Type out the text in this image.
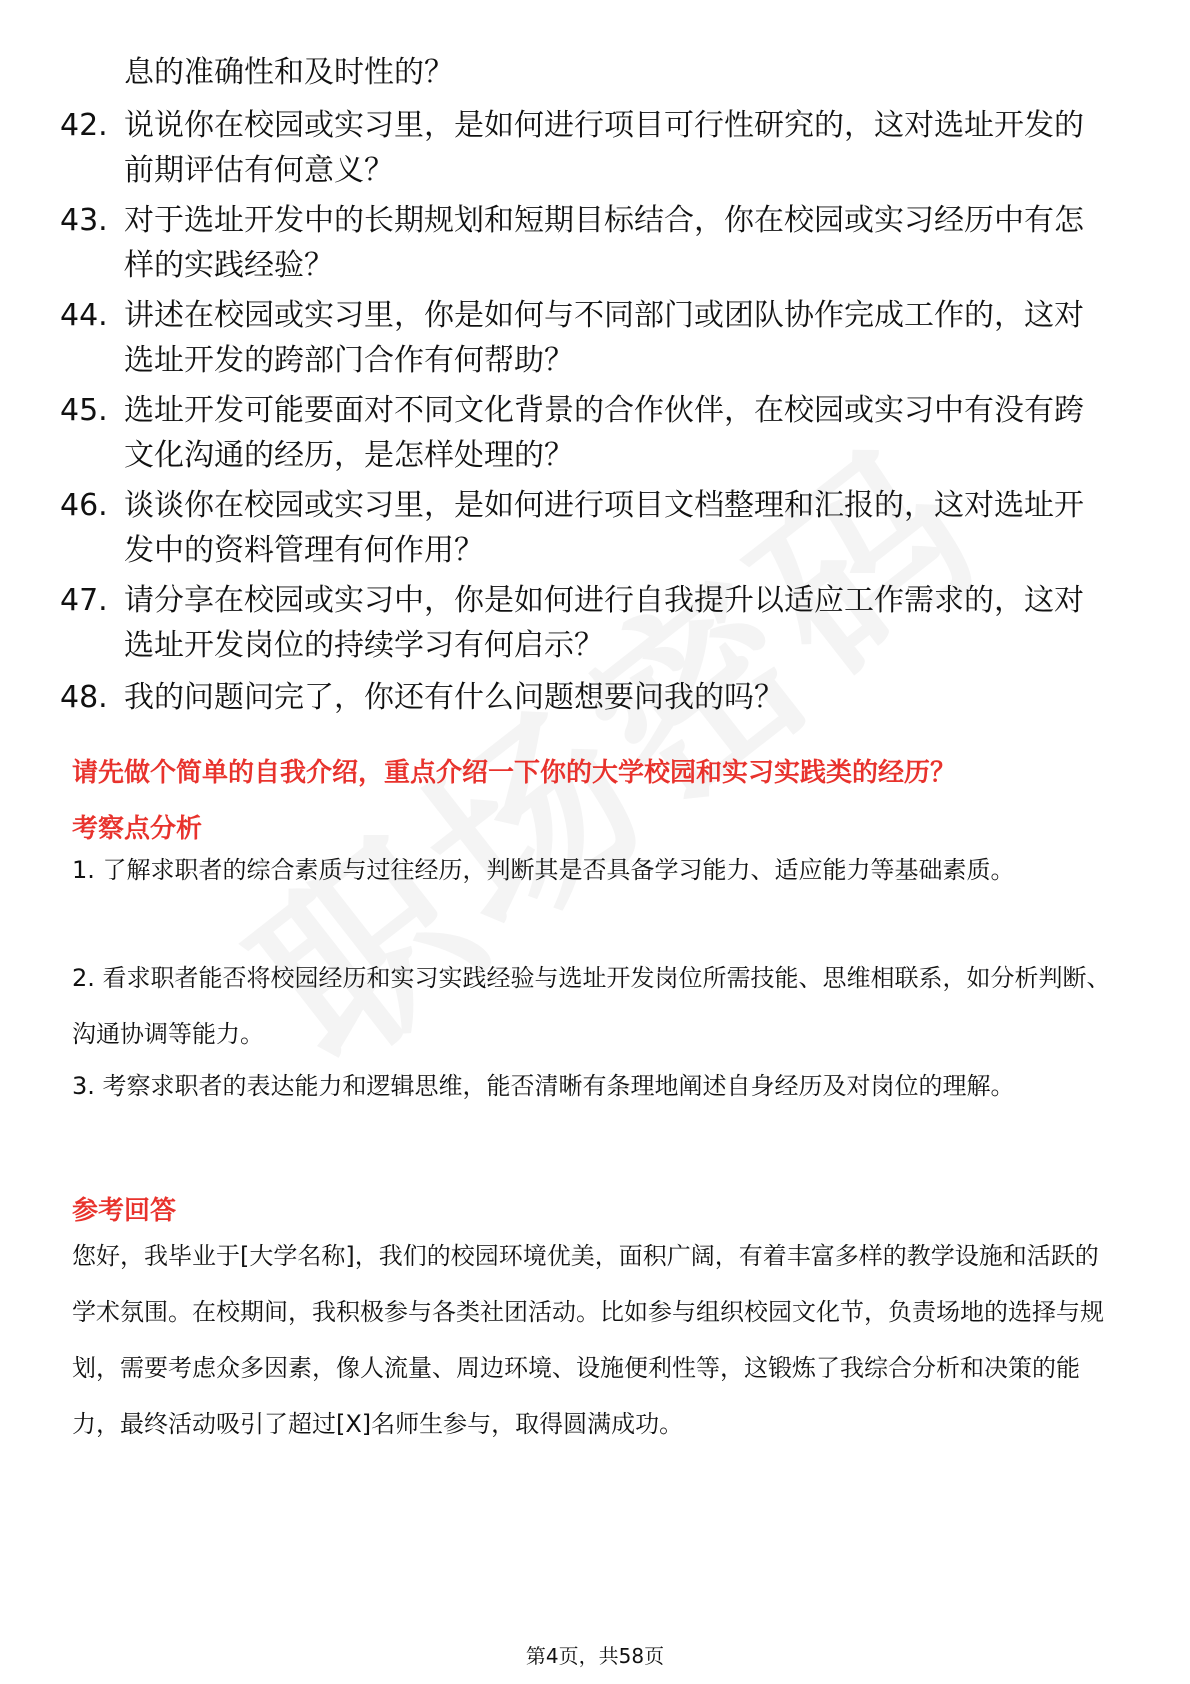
息的准确性和及时性的？

42. 说说你在校园或实习里，是如何进行项目可行性研究的，这对选址开发的前期评估有何意义？
43. 对于选址开发中的长期规划和短期目标结合，你在校园或实习经历中有怎样的实践经验？
44. 讲述在校园或实习里，你是如何与不同部门或团队协作完成工作的，这对选址开发的跨部门合作有何帮助？
45. 选址开发可能要面对不同文化背景的合作伙伴，在校园或实习中有没有跨文化沟通的经历，是怎样处理的？
46. 谈谈你在校园或实习里，是如何进行项目文档整理和汇报的，这对选址开发中的资料管理有何作用？
47. 请分享在校园或实习中，你是如何进行自我提升以适应工作需求的，这对选址开发岗位的持续学习有何启示？
48. 我的问题问完了，你还有什么问题想要问我的吗？
请先做个简单的自我介绍，重点介绍一下你的大学校园和实习实践类的经历？
考察点分析

1. 了解求职者的综合素质与过往经历，判断其是否具备学习能力、适应能力等基础素质。

2. 看求职者能否将校园经历和实习实践经验与选址开发岗位所需技能、思维相联系，如分析判断、沟通协调等能力。

3. 考察求职者的表达能力和逻辑思维，能否清晰有条理地阐述自身经历及对岗位的理解。

参考回答

您好，我毕业于[大学名称]，我们的校园环境优美，面积广阔，有着丰富多样的教学设施和活跃的学术氛围。在校期间，我积极参与各类社团活动。比如参与组织校园文化节，负责场地的选择与规划，需要考虑众多因素，像人流量、周边环境、设施便利性等，这锻炼了我综合分析和决策的能力，最终活动吸引了超过[X]名师生参与，取得圆满成功。

第4页，共58页
